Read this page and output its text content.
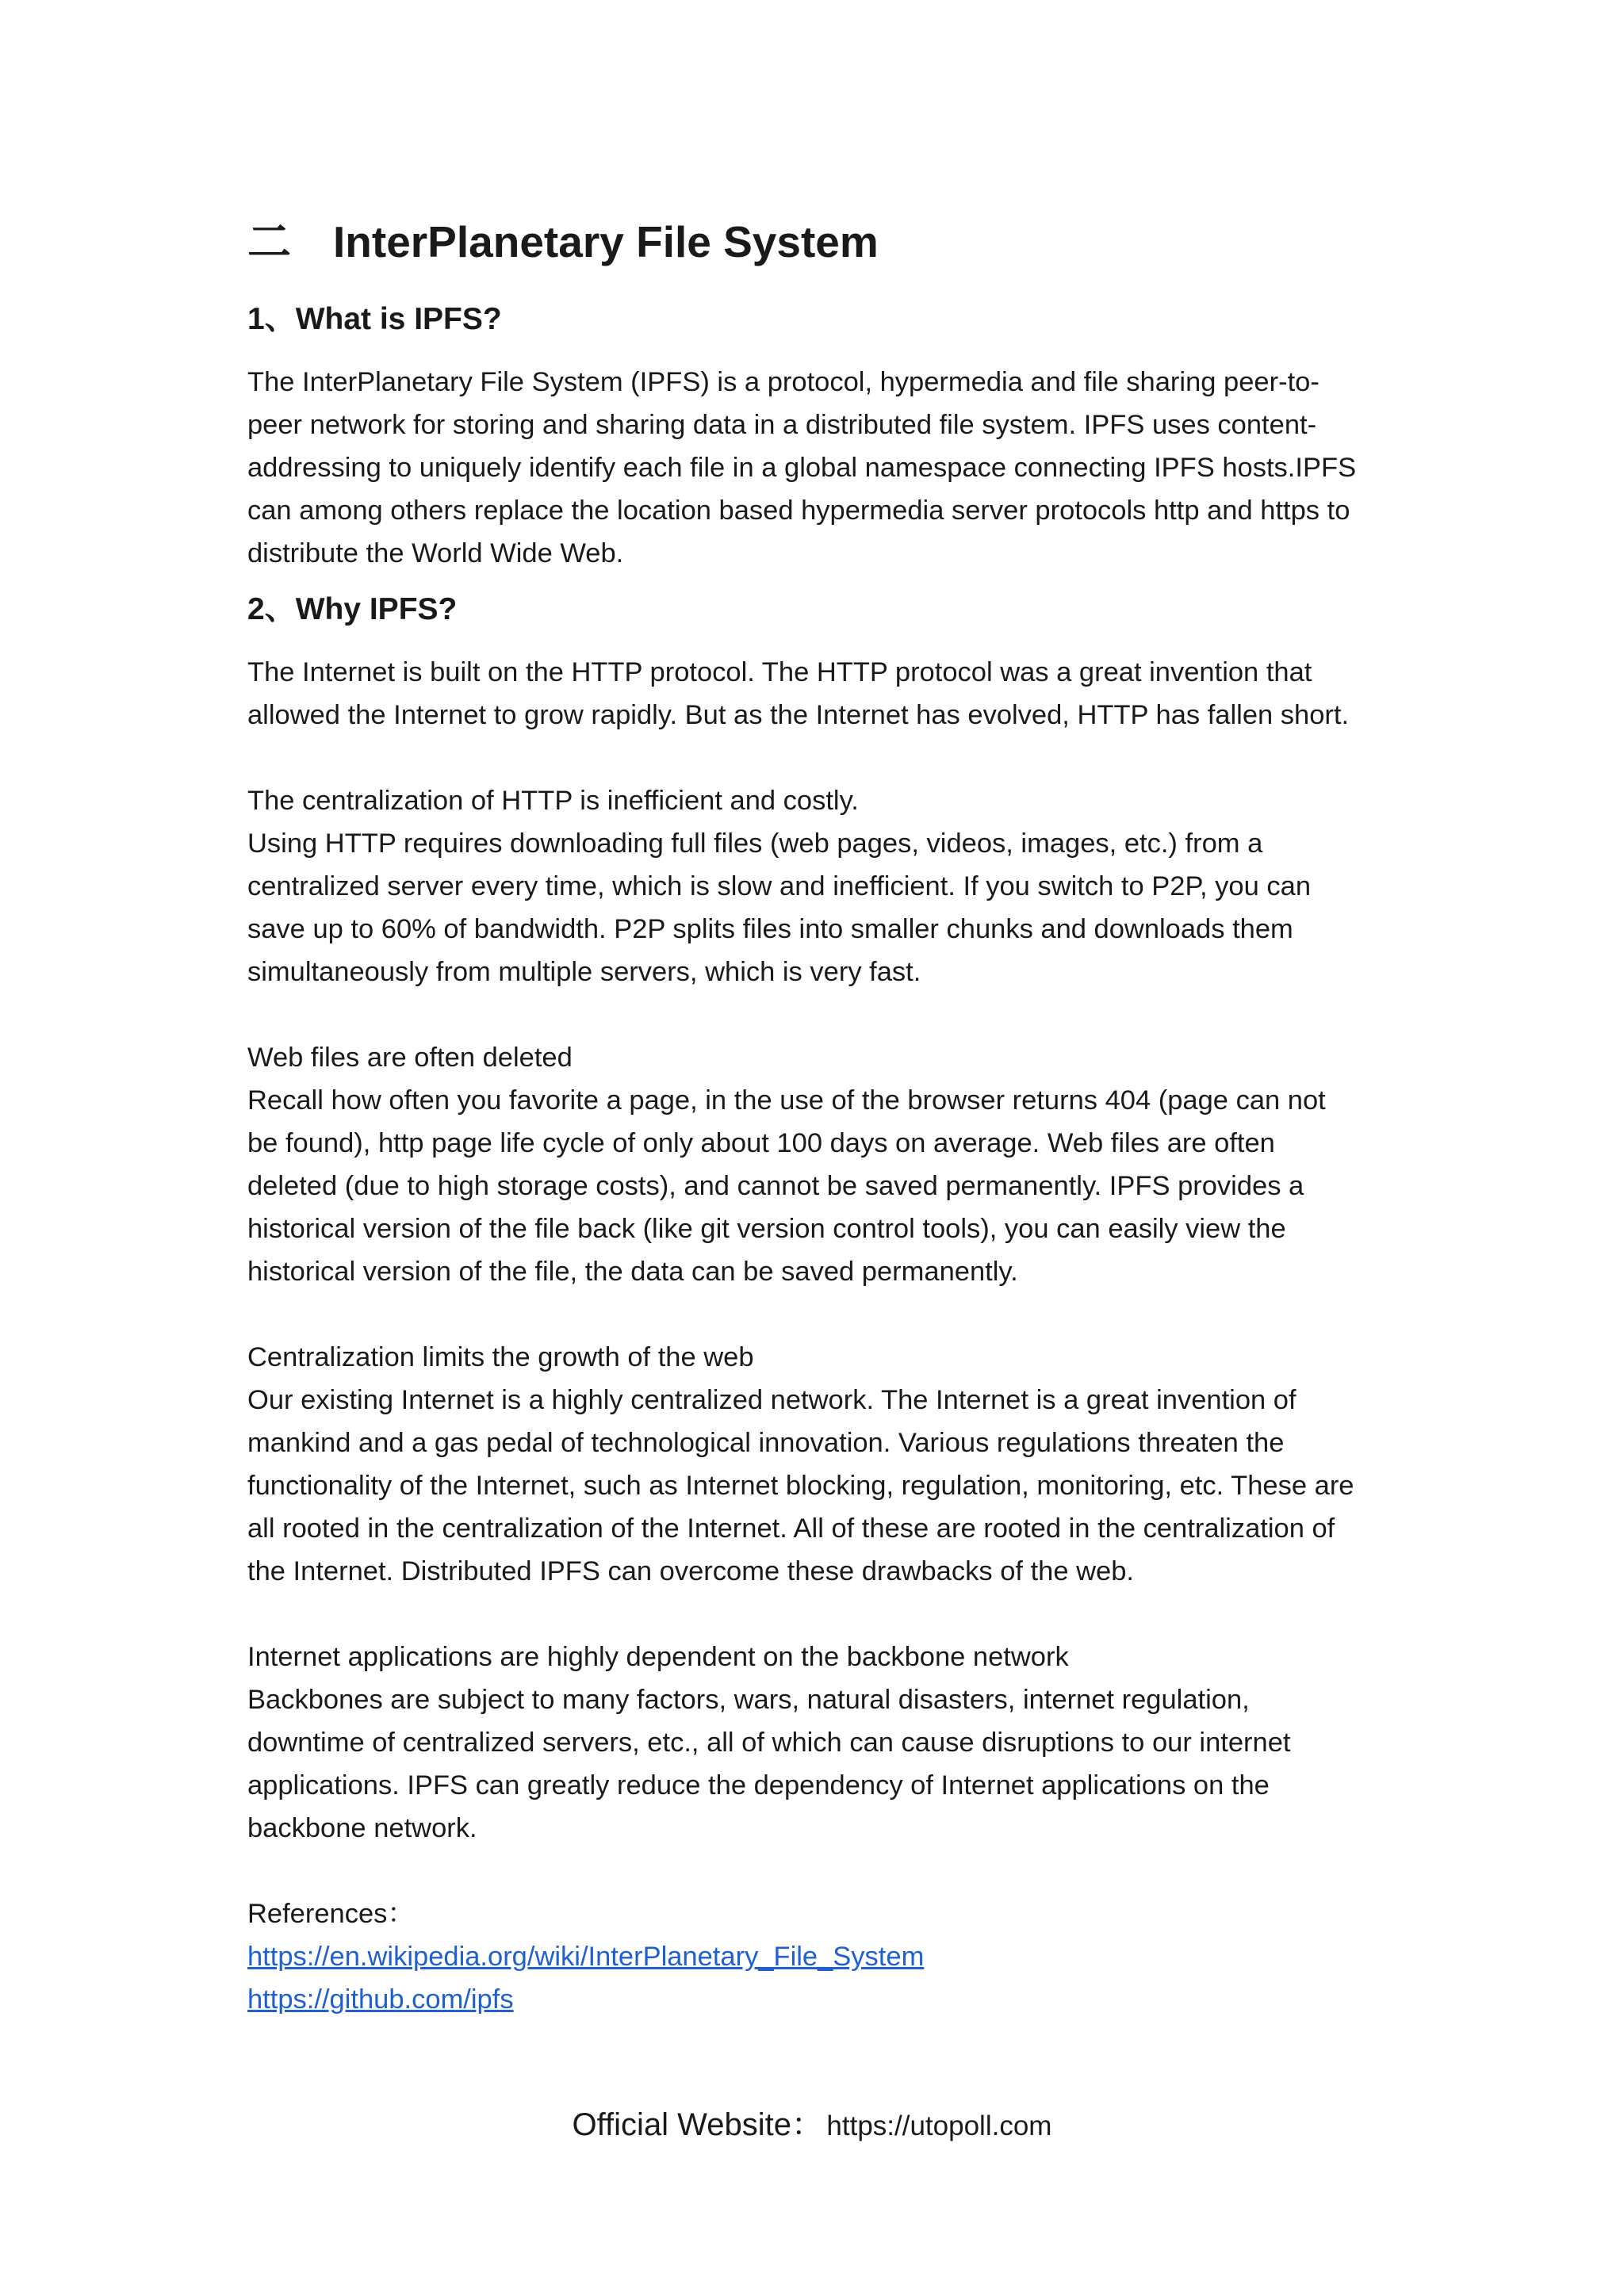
二 InterPlanetary File System
1、What is IPFS?

The InterPlanetary File System (IPFS) is a protocol, hypermedia and file sharing peer-to-

peer network for storing and sharing data in a distributed file system. IPFS uses content-

addressing to uniquely identify each file in a global namespace connecting IPFS hosts.IPFS

can among others replace the location based hypermedia server protocols http and https to

distribute the World Wide Web.

2、Why IPFS?

The Internet is built on the HTTP protocol. The HTTP protocol was a great invention that

allowed the Internet to grow rapidly. But as the Internet has evolved, HTTP has fallen short.

The centralization of HTTP is inefficient and costly.

Using HTTP requires downloading full files (web pages, videos, images, etc.) from a

centralized server every time, which is slow and inefficient. If you switch to P2P, you can

save up to 60% of bandwidth. P2P splits files into smaller chunks and downloads them

simultaneously from multiple servers, which is very fast.

Web files are often deleted

Recall how often you favorite a page, in the use of the browser returns 404 (page can not

be found), http page life cycle of only about 100 days on average. Web files are often

deleted (due to high storage costs), and cannot be saved permanently. IPFS provides a

historical version of the file back (like git version control tools), you can easily view the

historical version of the file, the data can be saved permanently.

Centralization limits the growth of the web

Our existing Internet is a highly centralized network. The Internet is a great invention of

mankind and a gas pedal of technological innovation. Various regulations threaten the

functionality of the Internet, such as Internet blocking, regulation, monitoring, etc. These are

all rooted in the centralization of the Internet. All of these are rooted in the centralization of

the Internet. Distributed IPFS can overcome these drawbacks of the web.

Internet applications are highly dependent on the backbone network

Backbones are subject to many factors, wars, natural disasters, internet regulation,

downtime of centralized servers, etc., all of which can cause disruptions to our internet

applications. IPFS can greatly reduce the dependency of Internet applications on the

backbone network.

References：

https://en.wikipedia.org/wiki/InterPlanetary_File_System
https://github.com/ipfs
Official Website： https://utopoll.com
